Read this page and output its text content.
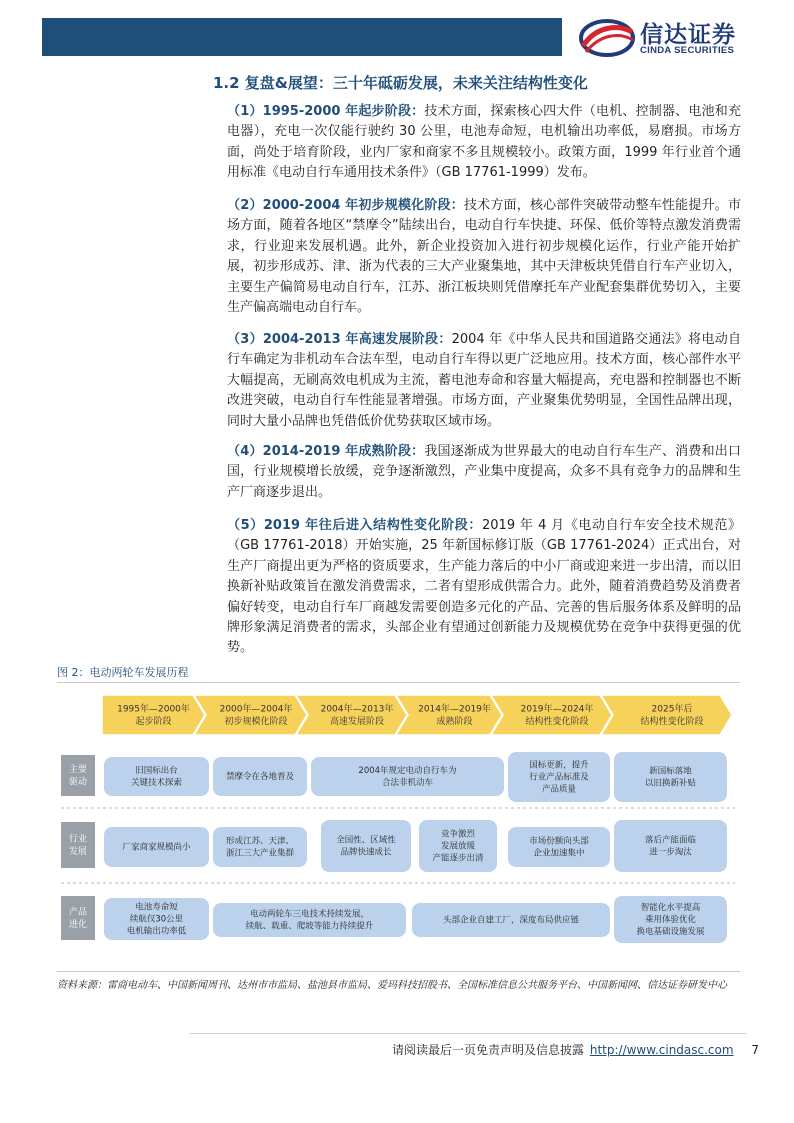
信达证券
CINDA SECURITIES
1.2 复盘&展望：三十年砥砺发展，未来关注结构性变化
（1）1995-2000 年起步阶段：技术方面，探索核心四大件（电机、控制器、电池和充电器），充电一次仅能行驶约 30 公里，电池寿命短，电机输出功率低，易磨损。市场方面，尚处于培育阶段，业内厂家和商家不多且规模较小。政策方面，1999 年行业首个通用标准《电动自行车通用技术条件》（GB 17761-1999）发布。
（2）2000-2004 年初步规模化阶段：技术方面，核心部件突破带动整车性能提升。市场方面，随着各地区“禁摩令”陆续出台，电动自行车快捷、环保、低价等特点激发消费需求，行业迎来发展机遇。此外，新企业投资加入进行初步规模化运作，行业产能开始扩展，初步形成苏、津、浙为代表的三大产业聚集地，其中天津板块凭借自行车产业切入，主要生产偏简易电动自行车，江苏、浙江板块则凭借摩托车产业配套集群优势切入，主要生产偏高端电动自行车。
（3）2004-2013 年高速发展阶段：2004 年《中华人民共和国道路交通法》将电动自行车确定为非机动车合法车型，电动自行车得以更广泛地应用。技术方面，核心部件水平大幅提高，无刷高效电机成为主流，蓄电池寿命和容量大幅提高，充电器和控制器也不断改进突破，电动自行车性能显著增强。市场方面，产业聚集优势明显，全国性品牌出现，同时大量小品牌也凭借低价优势获取区域市场。
（4）2014-2019 年成熟阶段：我国逐渐成为世界最大的电动自行车生产、消费和出口国，行业规模增长放缓，竞争逐渐激烈，产业集中度提高，众多不具有竞争力的品牌和生产厂商逐步退出。
（5）2019 年往后进入结构性变化阶段：2019 年 4 月《电动自行车安全技术规范》（GB 17761-2018）开始实施，25 年新国标修订版（GB 17761-2024）正式出台，对生产厂商提出更为严格的资质要求，生产能力落后的中小厂商或迎来进一步出清，而以旧换新补贴政策旨在激发消费需求，二者有望形成供需合力。此外，随着消费趋势及消费者偏好转变，电动自行车厂商越发需要创造多元化的产品、完善的售后服务体系及鲜明的品牌形象满足消费者的需求，头部企业有望通过创新能力及规模优势在竞争中获得更强的优势。
图 2：电动两轮车发展历程
1995年—2000年
起步阶段
2000年—2004年
初步规模化阶段
2004年—2013年
高速发展阶段
2014年—2019年
成熟阶段
2019年—2024年
结构性变化阶段
2025年后
结构性变化阶段
主要
驱动
行业
发展
产品
进化
旧国标出台
关键技术探索
禁摩令在各地普及
2004年规定电动自行车为
合法非机动车
国标更新，提升
行业产品标准及
产品质量
新国标落地
以旧换新补贴
厂家商家规模尚小
形成江苏、天津、
浙江三大产业集群
全国性、区域性
品牌快速成长
竞争激烈
发展放缓
产能逐步出清
市场份额向头部
企业加速集中
落后产能面临
进一步淘汰
电池寿命短
续航仅30公里
电机输出功率低
电动两轮车三电技术持续发展，
续航、载重、爬坡等能力持续提升
头部企业自建工厂，深度布局供应链
智能化水平提高
乘用体验优化
换电基础设施发展
资料来源：雷商电动车、中国新闻周刊、达州市市监局、盐池县市监局、爱玛科技招股书、全国标准信息公共服务平台、中国新闻网、信达证券研发中心
请阅读最后一页免责声明及信息披露 http://www.cindasc.com 7
